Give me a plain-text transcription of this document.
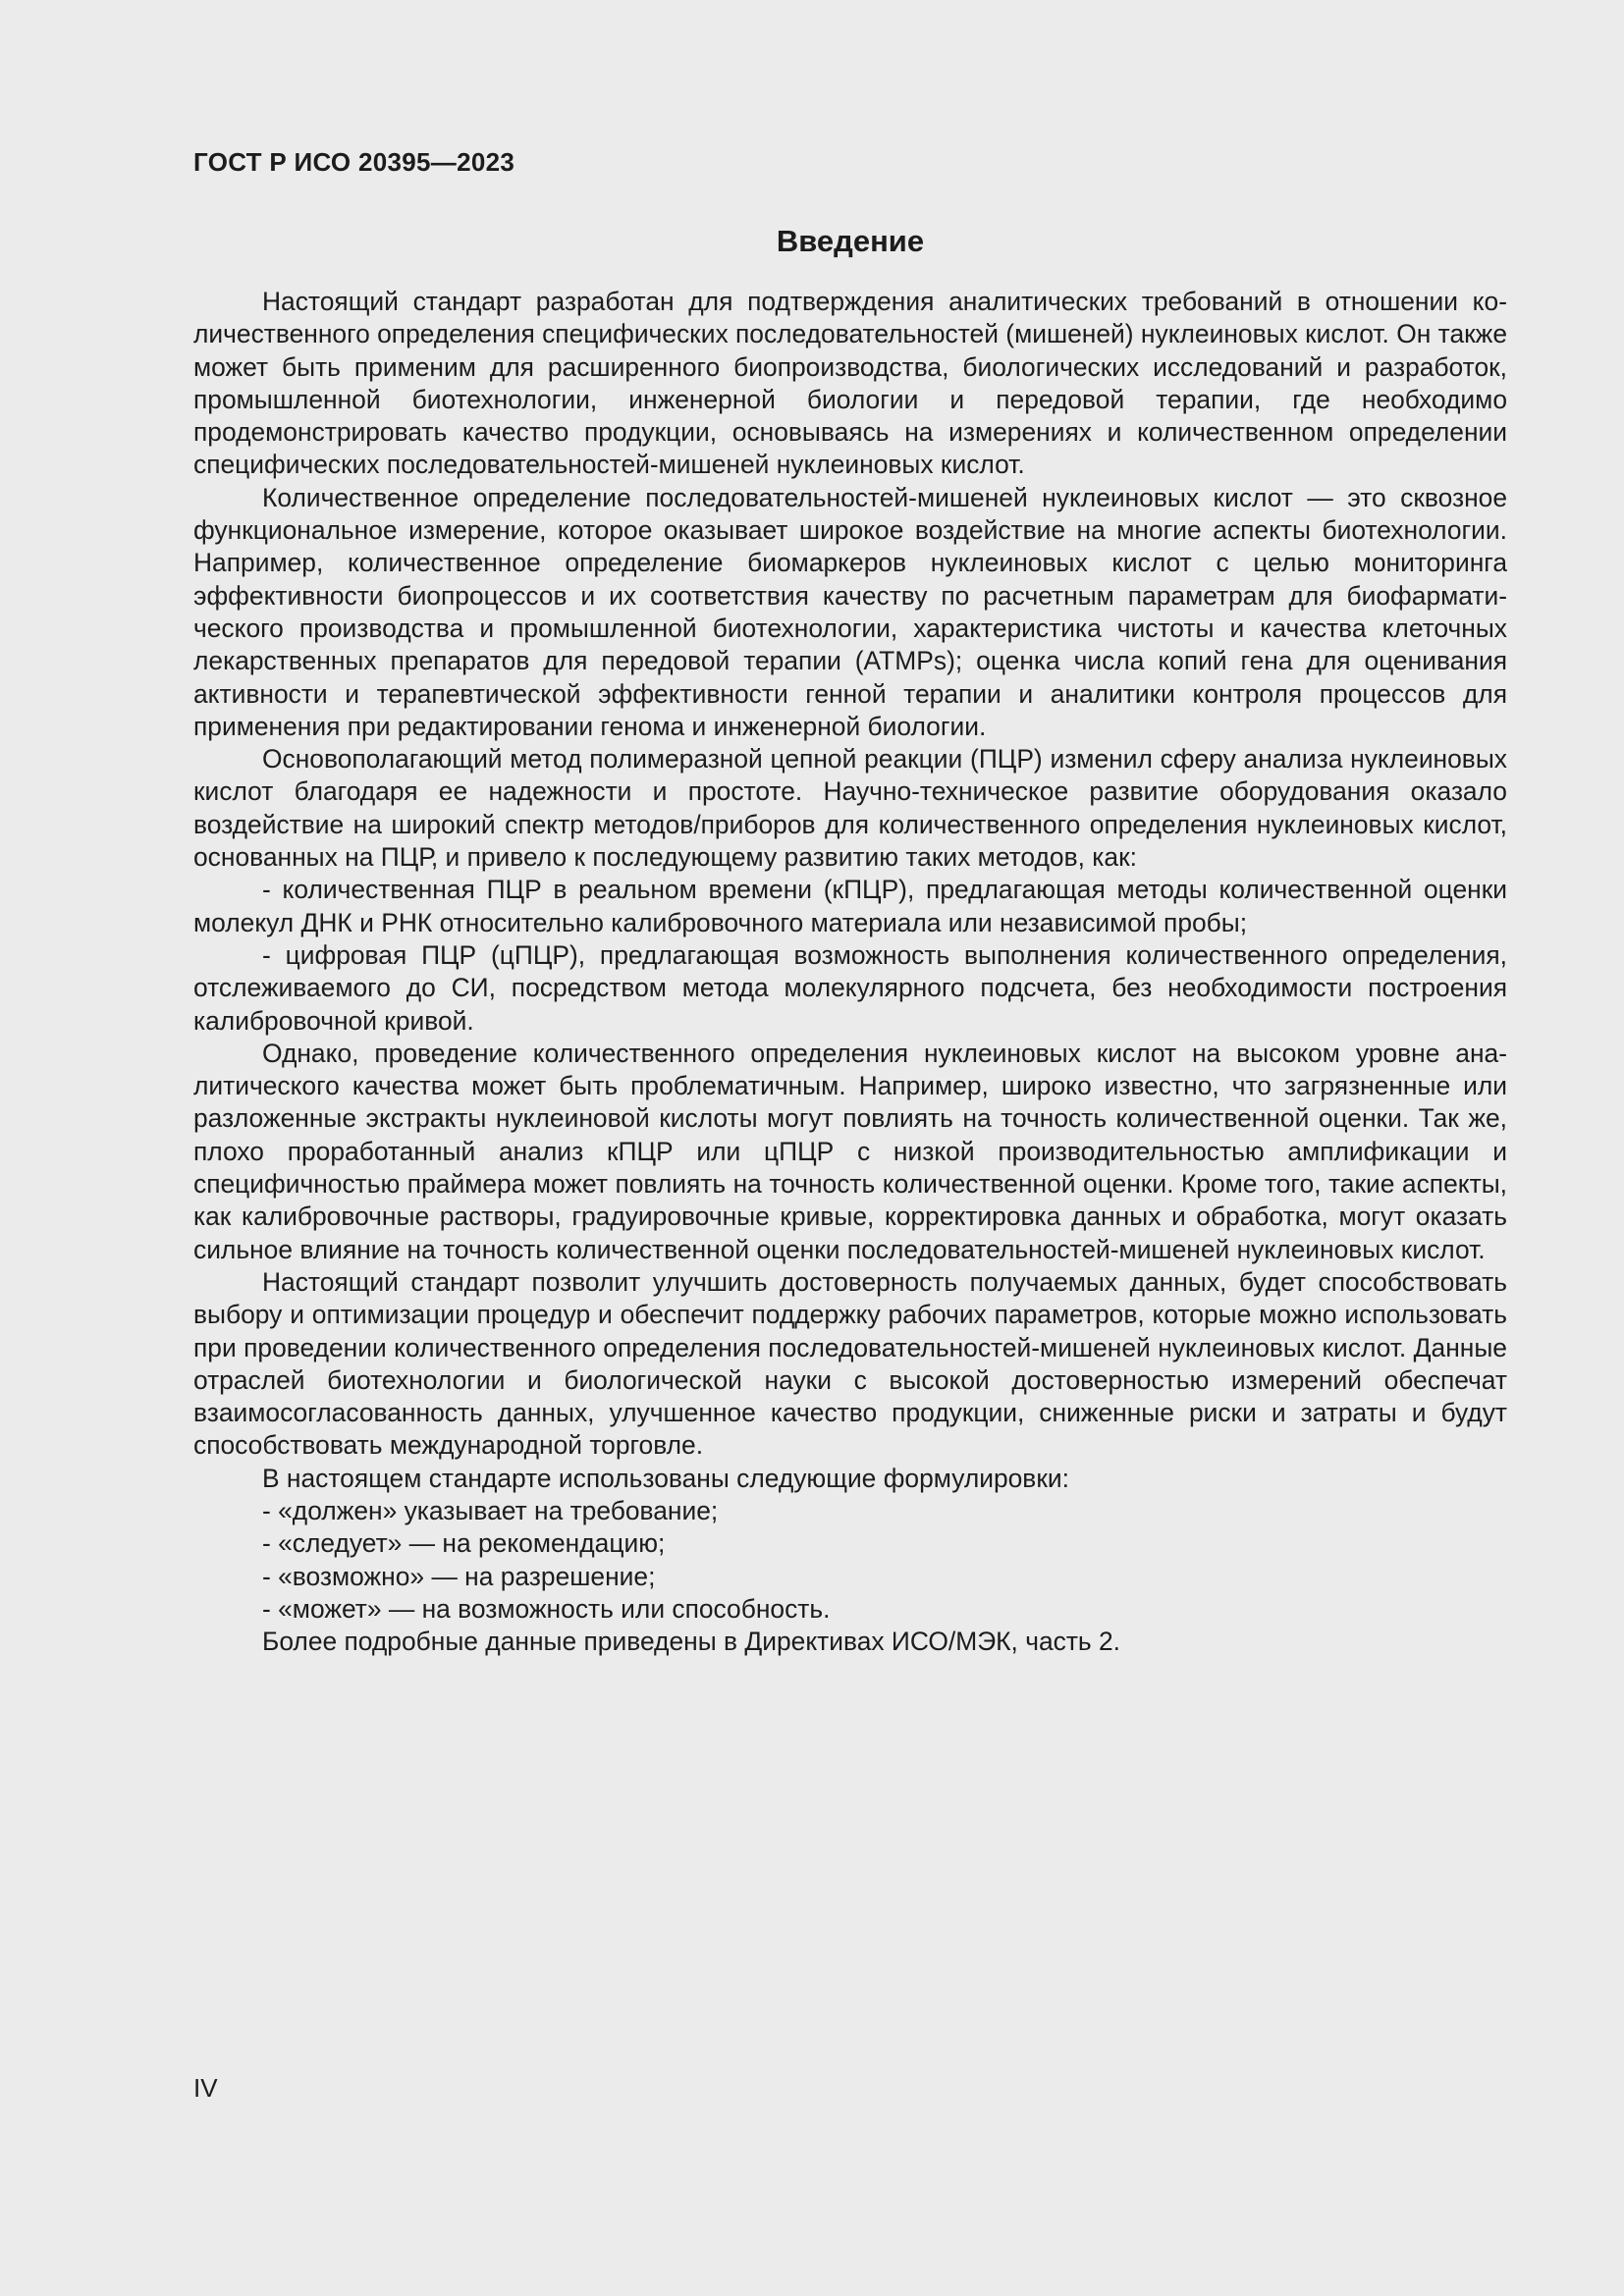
ГОСТ Р ИСО 20395—2023

Введение

Настоящий стандарт разработан для подтверждения аналитических требований в отношении количественного определения специфических последовательностей (мишеней) нуклеиновых кислот. Он также может быть применим для расширенного биопроизводства, биологических исследований и разработок, промышленной биотехнологии, инженерной биологии и передовой терапии, где необходимо продемонстрировать качество продукции, основываясь на измерениях и количественном определении специфических последовательностей-мишеней нуклеиновых кислот.

Количественное определение последовательностей-мишеней нуклеиновых кислот — это сквозное функциональное измерение, которое оказывает широкое воздействие на многие аспекты биотехнологии. Например, количественное определение биомаркеров нуклеиновых кислот с целью мониторинга эффективности биопроцессов и их соответствия качеству по расчетным параметрам для биофарматического производства и промышленной биотехнологии, характеристика чистоты и качества клеточных лекарственных препаратов для передовой терапии (ATMPs); оценка числа копий гена для оценивания активности и терапевтической эффективности генной терапии и аналитики контроля процессов для применения при редактировании генома и инженерной биологии.

Основополагающий метод полимеразной цепной реакции (ПЦР) изменил сферу анализа нуклеиновых кислот благодаря ее надежности и простоте. Научно-техническое развитие оборудования оказало воздействие на широкий спектр методов/приборов для количественного определения нуклеиновых кислот, основанных на ПЦР, и привело к последующему развитию таких методов, как:

- количественная ПЦР в реальном времени (кПЦР), предлагающая методы количественной оценки молекул ДНК и РНК относительно калибровочного материала или независимой пробы;

- цифровая ПЦР (цПЦР), предлагающая возможность выполнения количественного определения, отслеживаемого до СИ, посредством метода молекулярного подсчета, без необходимости построения калибровочной кривой.

Однако, проведение количественного определения нуклеиновых кислот на высоком уровне аналитического качества может быть проблематичным. Например, широко известно, что загрязненные или разложенные экстракты нуклеиновой кислоты могут повлиять на точность количественной оценки. Так же, плохо проработанный анализ кПЦР или цПЦР с низкой производительностью амплификации и специфичностью праймера может повлиять на точность количественной оценки. Кроме того, такие аспекты, как калибровочные растворы, градуировочные кривые, корректировка данных и обработка, могут оказать сильное влияние на точность количественной оценки последовательностей-мишеней нуклеиновых кислот.

Настоящий стандарт позволит улучшить достоверность получаемых данных, будет способствовать выбору и оптимизации процедур и обеспечит поддержку рабочих параметров, которые можно использовать при проведении количественного определения последовательностей-мишеней нуклеиновых кислот. Данные отраслей биотехнологии и биологической науки с высокой достоверностью измерений обеспечат взаимосогласованность данных, улучшенное качество продукции, сниженные риски и затраты и будут способствовать международной торговле.

В настоящем стандарте использованы следующие формулировки:

- «должен» указывает на требование;

- «следует» — на рекомендацию;

- «возможно» — на разрешение;

- «может» — на возможность или способность.

Более подробные данные приведены в Директивах ИСО/МЭК, часть 2.

IV
